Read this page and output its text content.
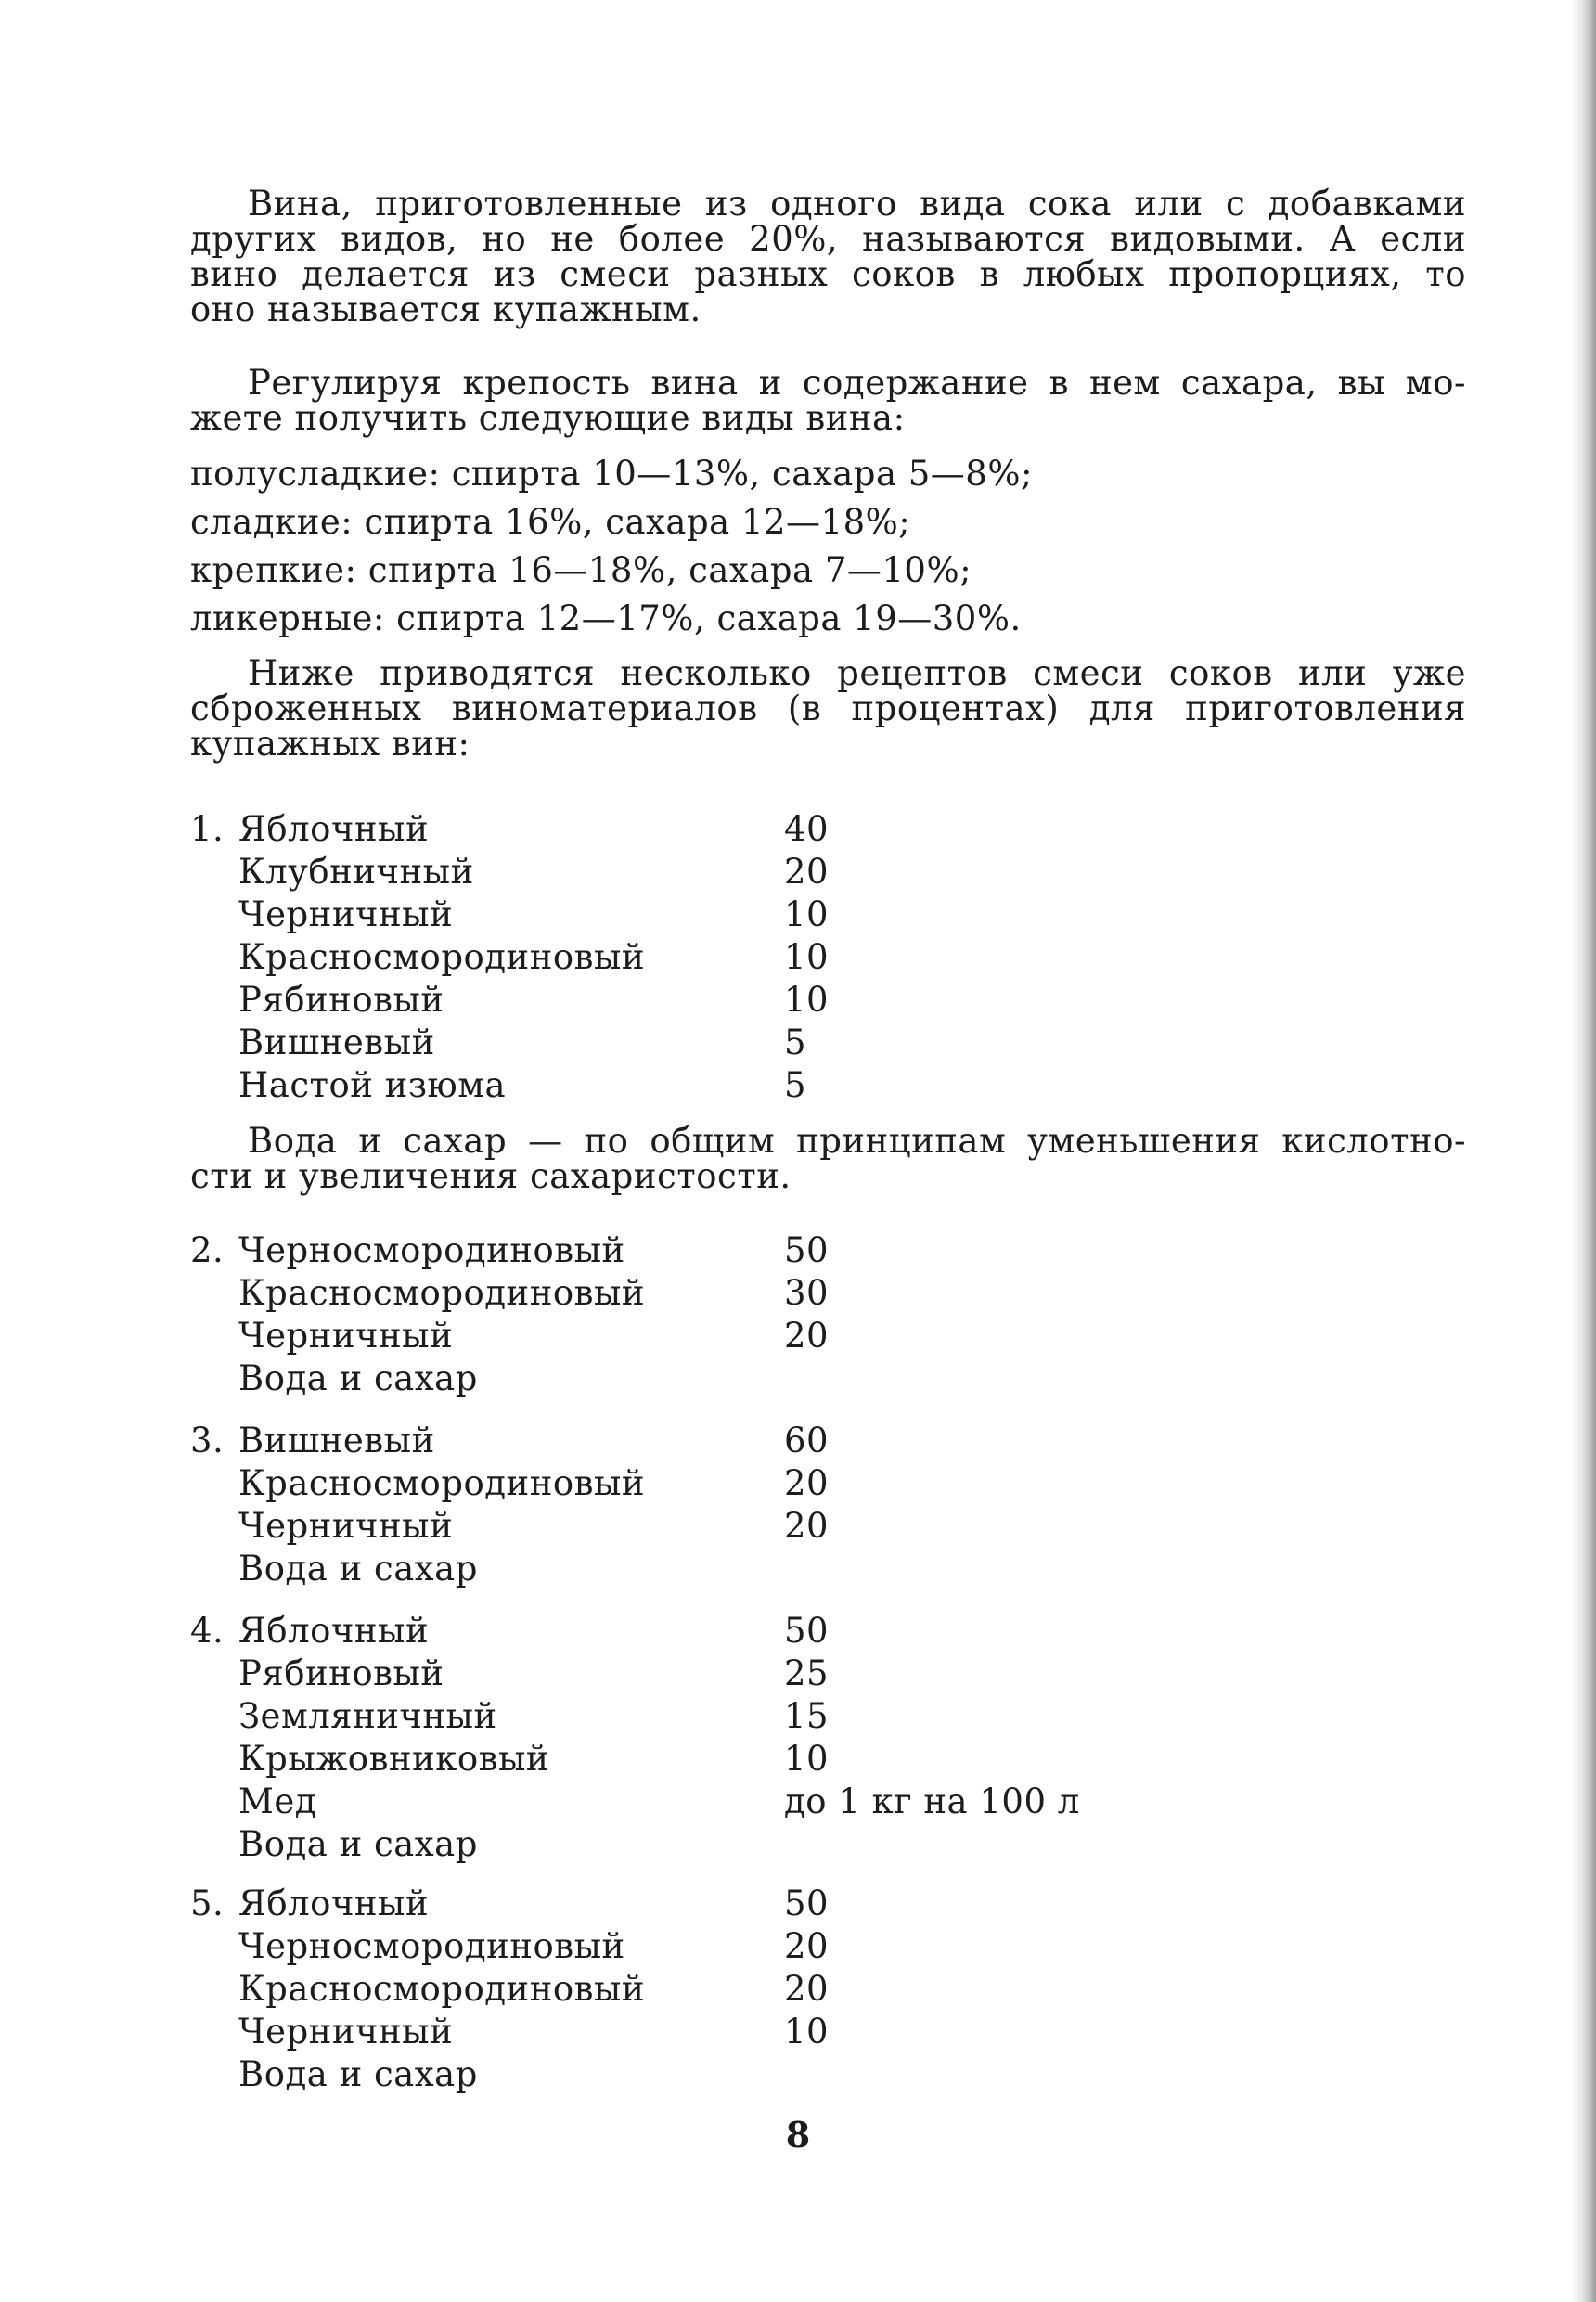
Вина, приготовленные из одного вида сока или с добавками
других видов, но не более 20%, называются видовыми. А если
вино делается из смеси разных соков в любых пропорциях, то
оно называется купажным.
Регулируя крепость вина и содержание в нем сахара, вы мо-
жете получить следующие виды вина:
полусладкие: спирта 10—13%, сахара 5—8%;
сладкие: спирта 16%, сахара 12—18%;
крепкие: спирта 16—18%, сахара 7—10%;
ликерные: спирта 12—17%, сахара 19—30%.
Ниже приводятся несколько рецептов смеси соков или уже
сброженных виноматериалов (в процентах) для приготовления
купажных вин:
1. Яблочный	40
Клубничный	20
Черничный	10
Красносмородиновый	10
Рябиновый	10
Вишневый	5
Настой изюма	5
Вода и сахар — по общим принципам уменьшения кислотно-
сти и увеличения сахаристости.
2. Черносмородиновый	50
Красносмородиновый	30
Черничный	20
Вода и сахар
3. Вишневый	60
Красносмородиновый	20
Черничный	20
Вода и сахар
4. Яблочный	50
Рябиновый	25
Земляничный	15
Крыжовниковый	10
Мед	до 1 кг на 100 л
Вода и сахар
5. Яблочный	50
Черносмородиновый	20
Красносмородиновый	20
Черничный	10
Вода и сахар
8
